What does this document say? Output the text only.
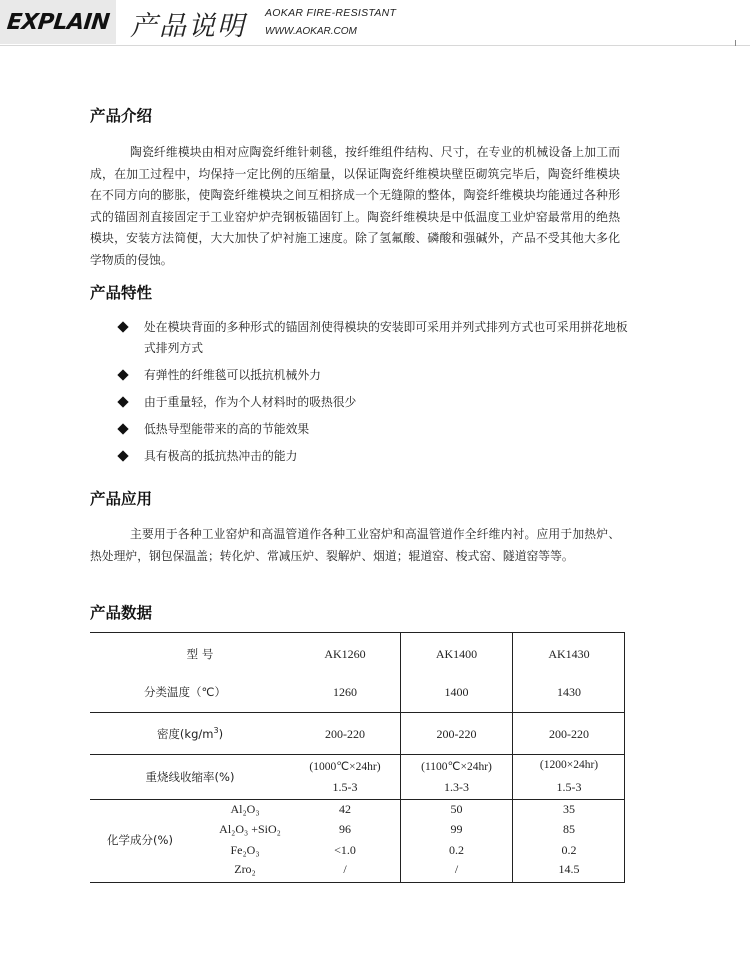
EXPLAIN 产品说明 AOKAR FIRE-RESISTANT
WWW.AOKAR.COM
产品介绍

陶瓷纤维模块由相对应陶瓷纤维针刺毯，按纤维组件结构、尺寸，在专业的机械设备上加工而成，在加工过程中，均保持一定比例的压缩量，以保证陶瓷纤维模块壁臣砌筑完毕后，陶瓷纤维模块在不同方向的膨胀，使陶瓷纤维模块之间互相挤成一个无缝隙的整体，陶瓷纤维模块均能通过各种形式的锚固剂直接固定于工业窑炉炉壳钢板锚固钉上。陶瓷纤维模块是中低温度工业炉窑最常用的绝热模块，安装方法简便，大大加快了炉衬施工速度。除了氢氟酸、磷酸和强碱外，产品不受其他大多化学物质的侵蚀。

产品特性
处在模块背面的多种形式的锚固剂使得模块的安装即可采用并列式排列方式也可采用拼花地板式排列方式
有弹性的纤维毯可以抵抗机械外力
由于重量轻，作为个人材料时的吸热很少
低热导型能带来的高的节能效果
具有极高的抵抗热冲击的能力
产品应用

主要用于各种工业窑炉和高温管道作各种工业窑炉和高温管道作全纤维内衬。应用于加热炉、热处理炉，钢包保温盖；转化炉、常减压炉、裂解炉、烟道；辊道窑、梭式窑、隧道窑等等。

产品数据
型 号	AK1260	AK1400	AK1430
分类温度（℃）	1260	1400	1430
密度$(kg/m^3)$	200-220	200-220	200-220
重烧线收缩率(%)
(1000℃×24hr)	(1100℃×24hr)	(1200×24hr)
1.5-3	1.3-3	1.5-3
化学成分(%)
Al₂O₃	42	50	35
Al₂O₃ +SiO₂	96	99	85
Fe₂O₃	<1.0	0.2	0.2
Zro₂	/	/	14.5
